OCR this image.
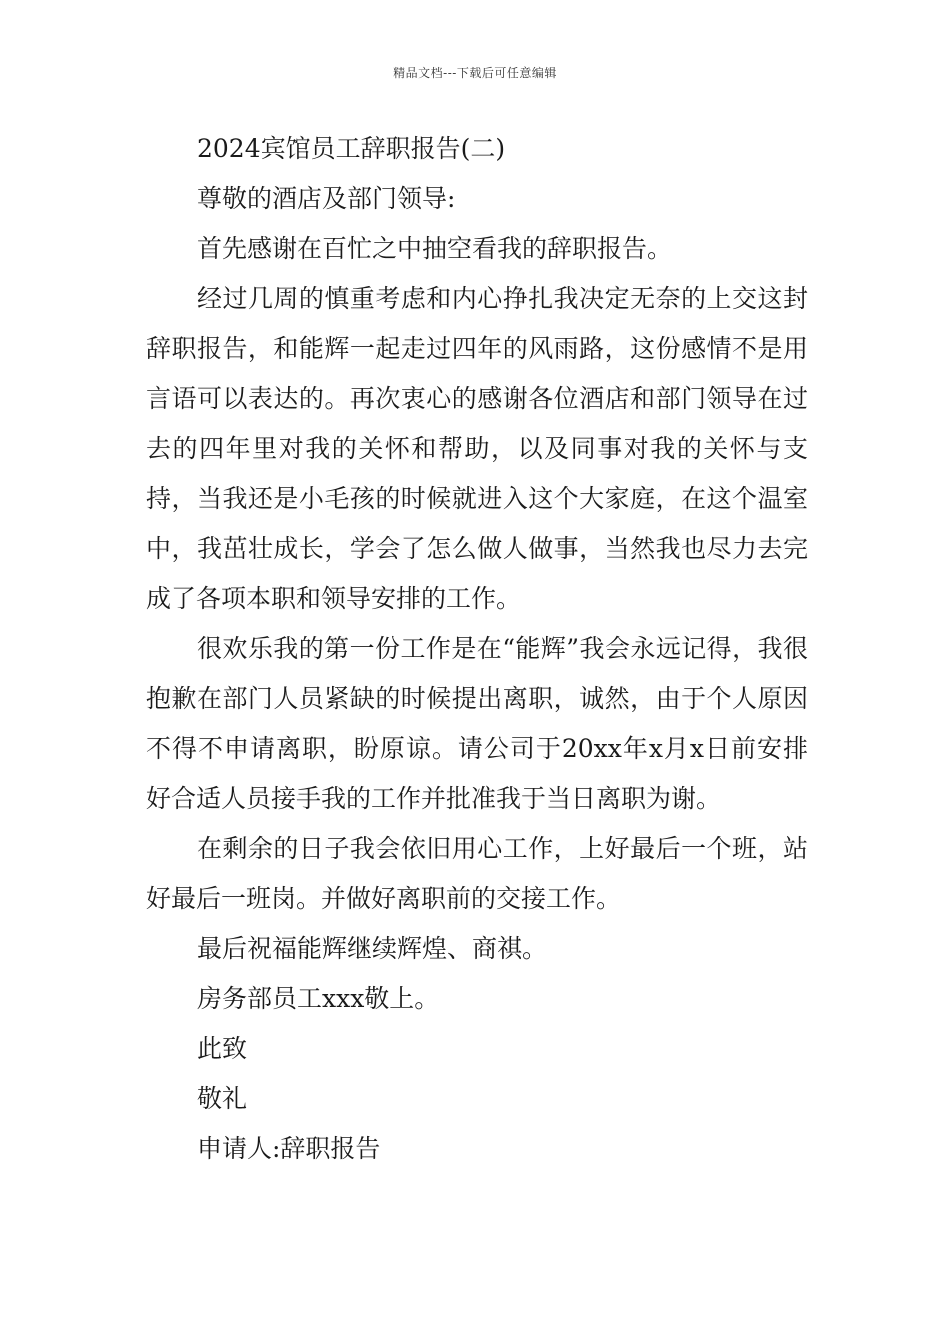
精品文档---下载后可任意编辑

2024宾馆员工辞职报告(二)

尊敬的酒店及部门领导:

首先感谢在百忙之中抽空看我的辞职报告。

经过几周的慎重考虑和内心挣扎我决定无奈的上交这封辞职报告，和能辉一起走过四年的风雨路，这份感情不是用言语可以表达的。再次衷心的感谢各位酒店和部门领导在过去的四年里对我的关怀和帮助，以及同事对我的关怀与支持，当我还是小毛孩的时候就进入这个大家庭，在这个温室中，我茁壮成长，学会了怎么做人做事，当然我也尽力去完成了各项本职和领导安排的工作。

很欢乐我的第一份工作是在“能辉”我会永远记得，我很抱歉在部门人员紧缺的时候提出离职，诚然，由于个人原因不得不申请离职，盼原谅。请公司于20xx年x月x日前安排好合适人员接手我的工作并批准我于当日离职为谢。

在剩余的日子我会依旧用心工作，上好最后一个班，站好最后一班岗。并做好离职前的交接工作。

最后祝福能辉继续辉煌、商祺。

房务部员工xxx敬上。

此致

敬礼

申请人:辞职报告
